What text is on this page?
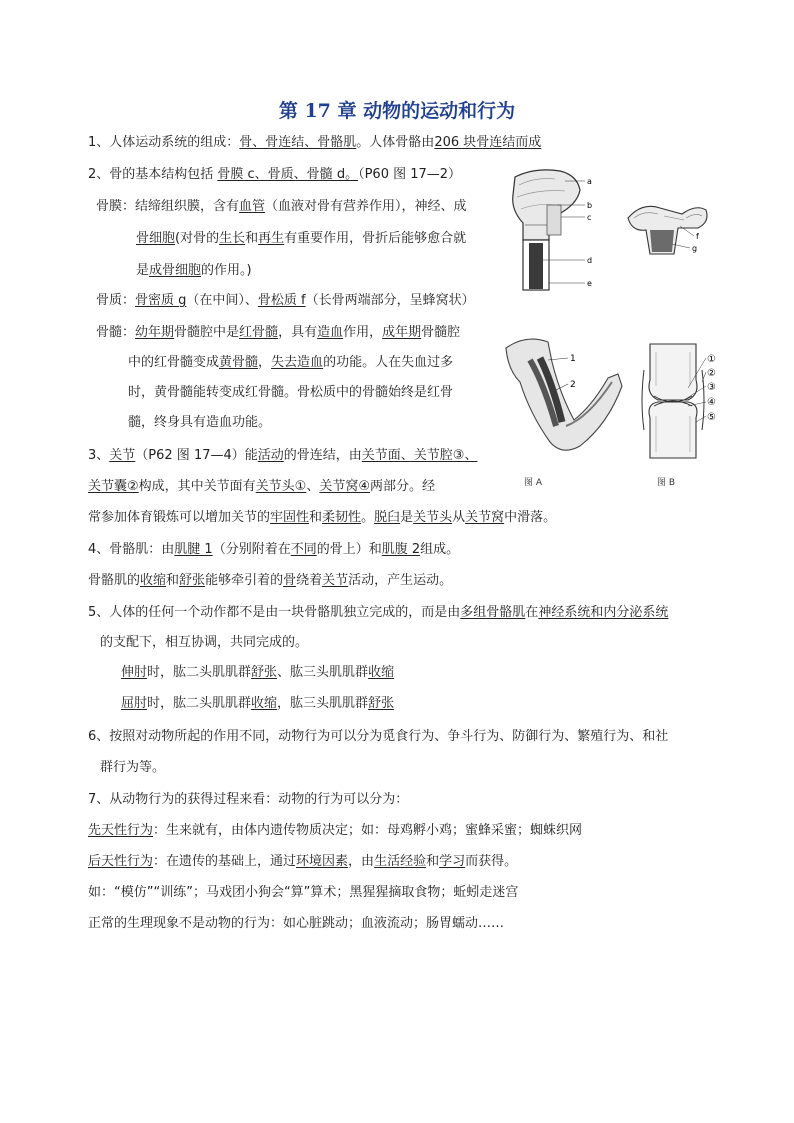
第 17 章 动物的运动和行为
1、人体运动系统的组成：骨、骨连结、骨骼肌。人体骨骼由206 块骨连结而成
2、骨的基本结构包括 骨膜 c、骨质、骨髓 d。（P60 图 17—2）
骨膜：结缔组织膜，含有血管（血液对骨有营养作用），神经、成
骨细胞(对骨的生长和再生有重要作用，骨折后能够愈合就
是成骨细胞的作用。)
骨质：骨密质 g（在中间）、骨松质 f（长骨两端部分，呈蜂窝状）
骨髓：幼年期骨髓腔中是红骨髓，具有造血作用，成年期骨髓腔
中的红骨髓变成黄骨髓，失去造血的功能。人在失血过多
时，黄骨髓能转变成红骨髓。骨松质中的骨髓始终是红骨
髓，终身具有造血功能。
3、关节（P62 图 17—4）能活动的骨连结，由关节面、关节腔③、
关节囊②构成，其中关节面有关节头①、关节窝④两部分。经
常参加体育锻炼可以增加关节的牢固性和柔韧性。脱臼是关节头从关节窝中滑落。
4、骨骼肌：由肌腱 1（分别附着在不同的骨上）和肌腹 2组成。
骨骼肌的收缩和舒张能够牵引着的骨绕着关节活动，产生运动。
5、人体的任何一个动作都不是由一块骨骼肌独立完成的，而是由多组骨骼肌在神经系统和内分泌系统
的支配下，相互协调，共同完成的。
伸肘时，肱二头肌肌群舒张、肱三头肌肌群收缩
屈肘时，肱二头肌肌群收缩，肱三头肌肌群舒张
6、按照对动物所起的作用不同，动物行为可以分为觅食行为、争斗行为、防御行为、繁殖行为、和社
群行为等。
7、从动物行为的获得过程来看：动物的行为可以分为：
先天性行为：生来就有，由体内遗传物质决定；如：母鸡孵小鸡；蜜蜂采蜜；蜘蛛织网
后天性行为：在遗传的基础上，通过环境因素，由生活经验和学习而获得。
如：“模仿”“训练”；马戏团小狗会“算”算术；黑猩猩摘取食物；蚯蚓走迷宫
正常的生理现象不是动物的行为：如心脏跳动；血液流动；肠胃蠕动……
a
b
c
d
e
f
g
1
2
图 A
①
②
③
④
⑤
图 B
